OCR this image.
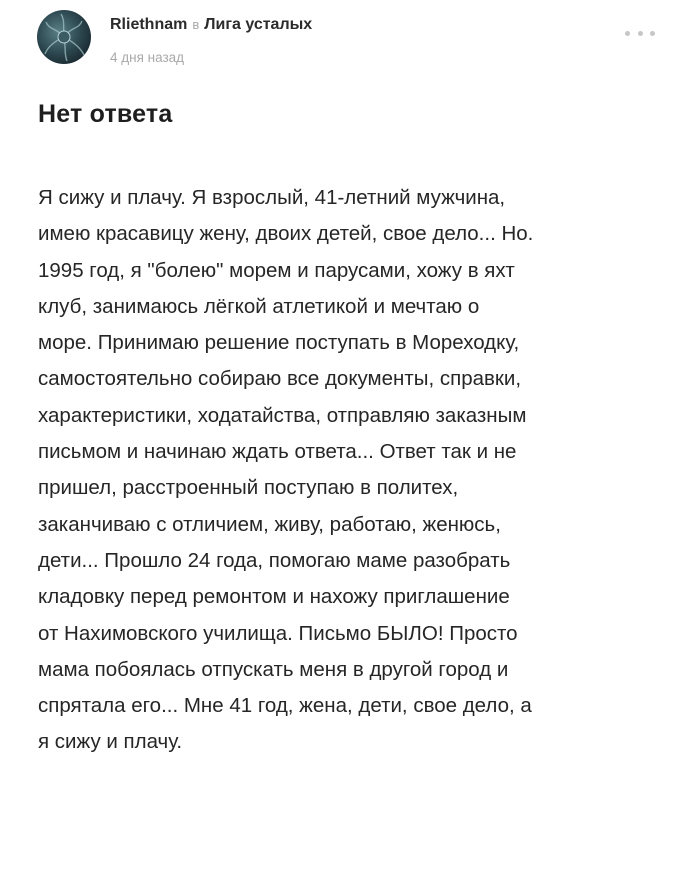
Rliethnam в Лига усталых
4 дня назад
Нет ответа

Я сижу и плачу. Я взрослый, 41-летний мужчина,
имею красавицу жену, двоих детей, свое дело... Но.
1995 год, я "болею" морем и парусами, хожу в яхт
клуб, занимаюсь лёгкой атлетикой и мечтаю о
море. Принимаю решение поступать в Мореходку,
самостоятельно собираю все документы, справки,
характеристики, ходатайства, отправляю заказным
письмом и начинаю ждать ответа... Ответ так и не
пришел, расстроенный поступаю в политех,
заканчиваю с отличием, живу, работаю, женюсь,
дети... Прошло 24 года, помогаю маме разобрать
кладовку перед ремонтом и нахожу приглашение
от Нахимовского училища. Письмо БЫЛО! Просто
мама побоялась отпускать меня в другой город и
спрятала его... Мне 41 год, жена, дети, свое дело, а
я сижу и плачу.
